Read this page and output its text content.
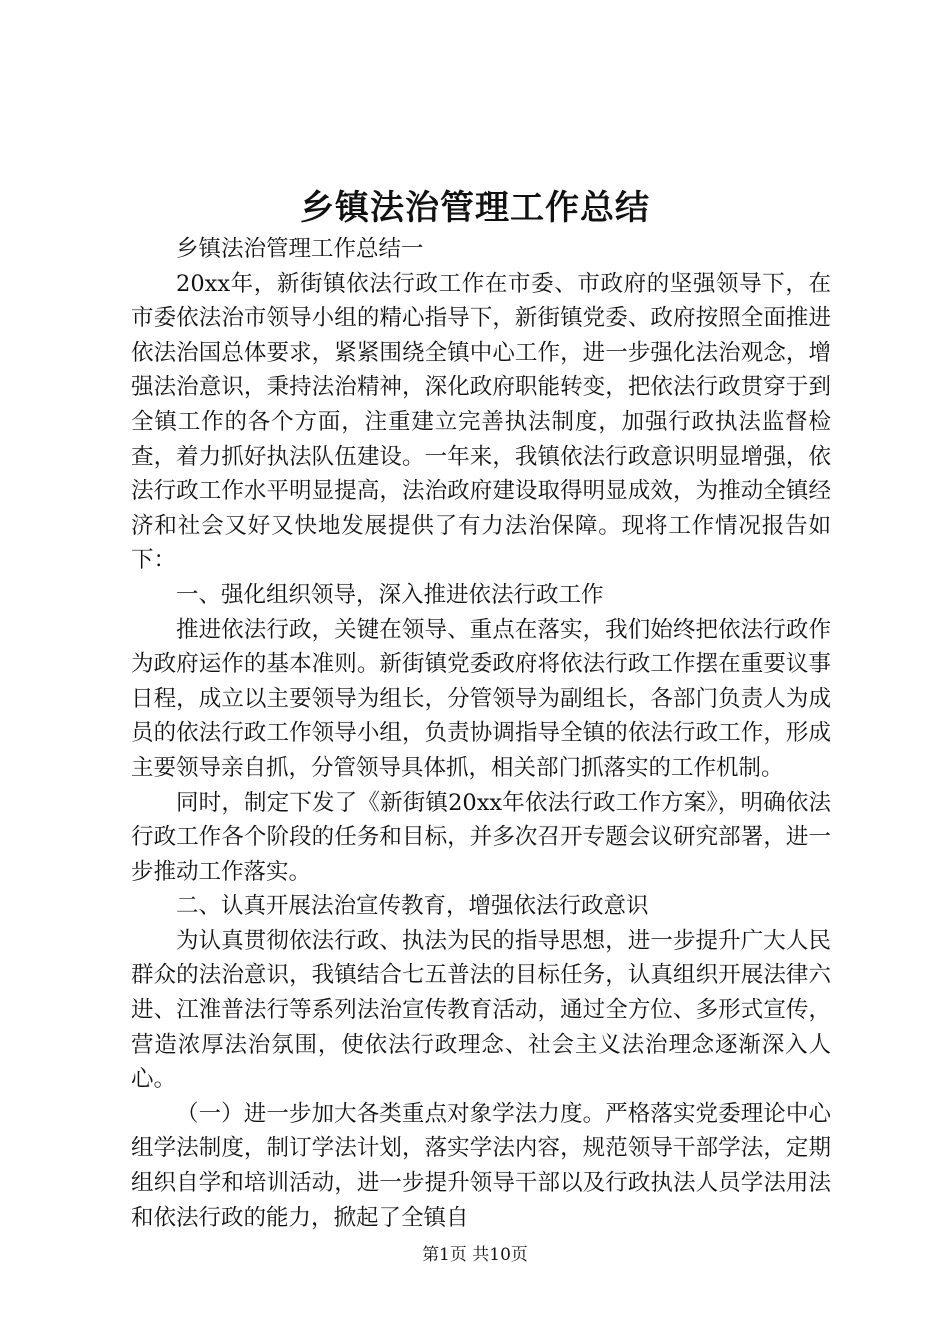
乡镇法治管理工作总结

乡镇法治管理工作总结一

20xx年，新街镇依法行政工作在市委、市政府的坚强领导下，在市委依法治市领导小组的精心指导下，新街镇党委、政府按照全面推进依法治国总体要求，紧紧围绕全镇中心工作，进一步强化法治观念，增强法治意识，秉持法治精神，深化政府职能转变，把依法行政贯穿于到全镇工作的各个方面，注重建立完善执法制度，加强行政执法监督检查，着力抓好执法队伍建设。一年来，我镇依法行政意识明显增强，依法行政工作水平明显提高，法治政府建设取得明显成效，为推动全镇经济和社会又好又快地发展提供了有力法治保障。现将工作情况报告如下：

一、强化组织领导，深入推进依法行政工作

推进依法行政，关键在领导、重点在落实，我们始终把依法行政作为政府运作的基本准则。新街镇党委政府将依法行政工作摆在重要议事日程，成立以主要领导为组长，分管领导为副组长，各部门负责人为成员的依法行政工作领导小组，负责协调指导全镇的依法行政工作，形成主要领导亲自抓，分管领导具体抓，相关部门抓落实的工作机制。

同时，制定下发了《新街镇20xx年依法行政工作方案》，明确依法行政工作各个阶段的任务和目标，并多次召开专题会议研究部署，进一步推动工作落实。

二、认真开展法治宣传教育，增强依法行政意识

为认真贯彻依法行政、执法为民的指导思想，进一步提升广大人民群众的法治意识，我镇结合七五普法的目标任务，认真组织开展法律六进、江淮普法行等系列法治宣传教育活动，通过全方位、多形式宣传，营造浓厚法治氛围，使依法行政理念、社会主义法治理念逐渐深入人心。

（一）进一步加大各类重点对象学法力度。严格落实党委理论中心组学法制度，制订学法计划，落实学法内容，规范领导干部学法，定期组织自学和培训活动，进一步提升领导干部以及行政执法人员学法用法和依法行政的能力，掀起了全镇自

第1页 共10页
